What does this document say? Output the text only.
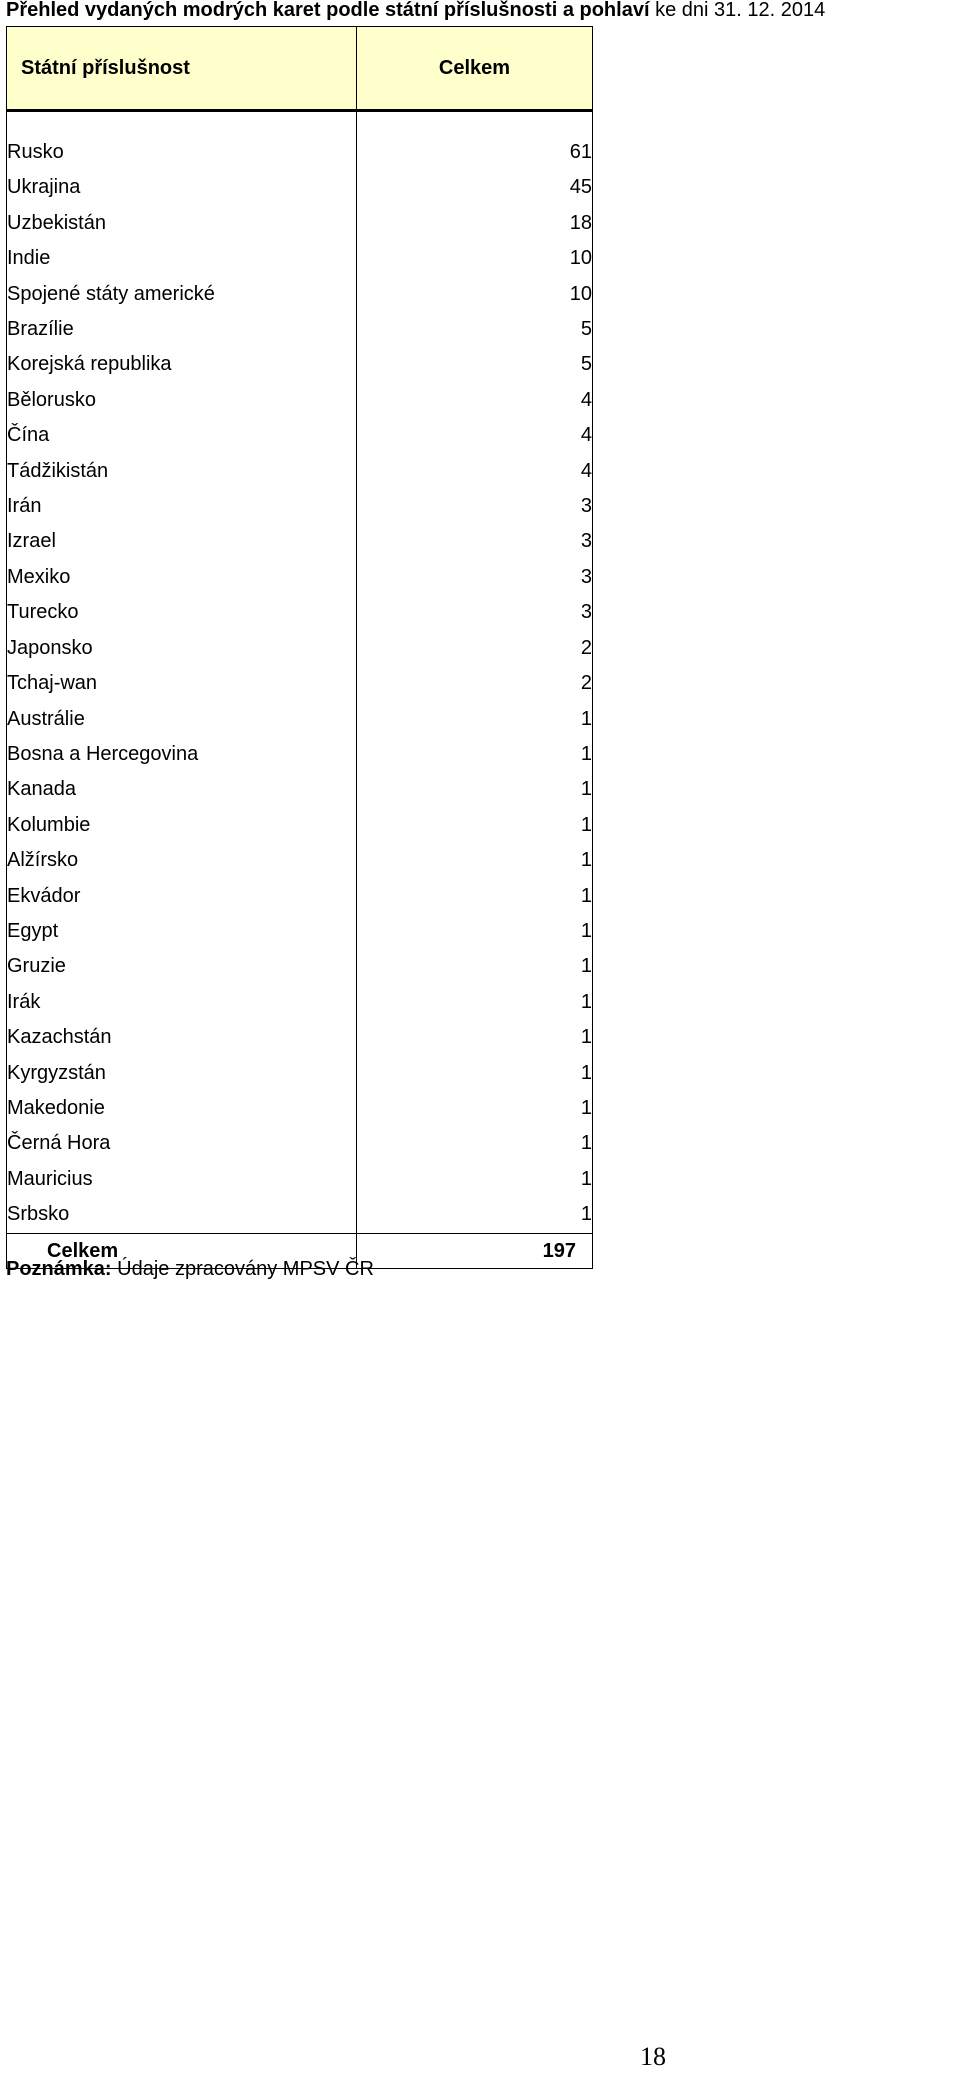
Přehled vydaných modrých karet podle státní příslušnosti a pohlaví ke dni 31. 12. 2014
Státní příslušnost	Celkem

Rusko	61
Ukrajina	45
Uzbekistán	18
Indie	10
Spojené státy americké	10
Brazílie	5
Korejská republika	5
Bělorusko	4
Čína	4
Tádžikistán	4
Irán	3
Izrael	3
Mexiko	3
Turecko	3
Japonsko	2
Tchaj-wan	2
Austrálie	1
Bosna a Hercegovina	1
Kanada	1
Kolumbie	1
Alžírsko	1
Ekvádor	1
Egypt	1
Gruzie	1
Irák	1
Kazachstán	1
Kyrgyzstán	1
Makedonie	1
Černá Hora	1
Mauricius	1
Srbsko	1
Celkem	197
Poznámka: Údaje zpracovány MPSV ČR
18
